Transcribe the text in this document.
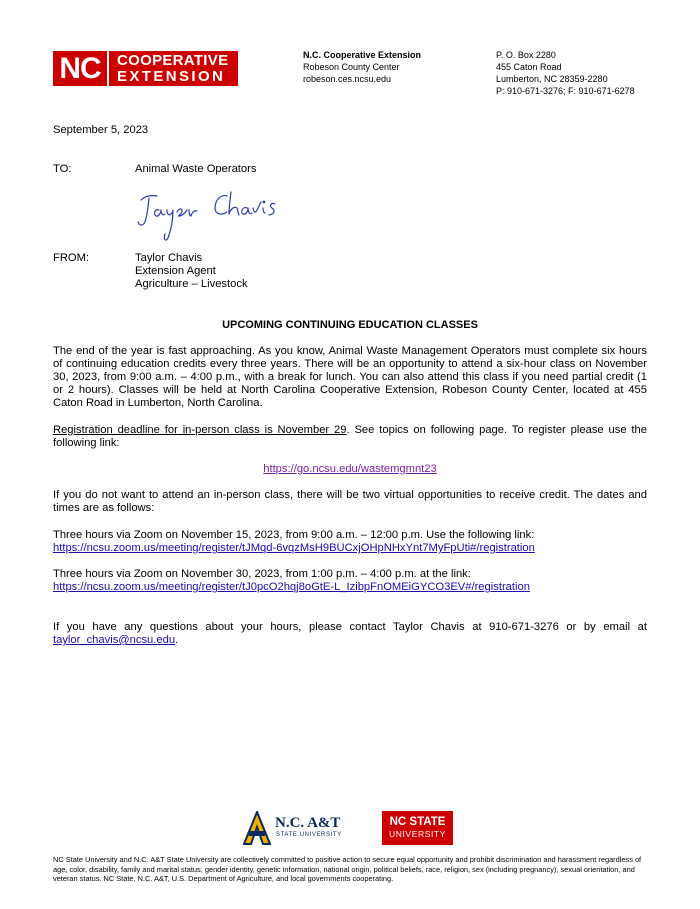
NC	COOPERATIVE
EXTENSION
N.C. Cooperative Extension
Robeson County Center
robeson.ces.ncsu.edu
P. O. Box 2280
455 Caton Road
Lumberton, NC 28359-2280
P: 910-671-3276; F: 910-671-6278
September 5, 2023
TO:	Animal Waste Operators
FROM:	Taylor Chavis
Extension Agent
Agriculture – Livestock
UPCOMING CONTINUING EDUCATION CLASSES
The end of the year is fast approaching. As you know, Animal Waste Management Operators must complete six hours of continuing education credits every three years. There will be an opportunity to attend a six-hour class on November 30, 2023, from 9:00 a.m. – 4:00 p.m., with a break for lunch. You can also attend this class if you need partial credit (1 or 2 hours). Classes will be held at North Carolina Cooperative Extension, Robeson County Center, located at 455 Caton Road in Lumberton, North Carolina.
Registration deadline for in-person class is November 29. See topics on following page. To register please use the following link:
https://go.ncsu.edu/wastemgmnt23
If you do not want to attend an in-person class, there will be two virtual opportunities to receive credit. The dates and times are as follows:
Three hours via Zoom on November 15, 2023, from 9:00 a.m. – 12:00 p.m. Use the following link:
https://ncsu.zoom.us/meeting/register/tJMqd-6vqzMsH9BUCxjOHpNHxYnt7MyFpUti#/registration
Three hours via Zoom on November 30, 2023, from 1:00 p.m. – 4:00 p.m. at the link:
https://ncsu.zoom.us/meeting/register/tJ0pcO2hqj8oGtE-L_IzibpFnOMEiGYCO3EV#/registration
If you have any questions about your hours, please contact Taylor Chavis at 910-671-3276 or by email at taylor_chavis@ncsu.edu.
N.C. A&T
STATE UNIVERSITY
NC STATE
UNIVERSITY
NC State University and N.C. A&T State University are collectively committed to positive action to secure equal opportunity and prohibit discrimination and harassment regardless of age, color, disability, family and marital status, gender identity, genetic information, national origin, political beliefs, race, religion, sex (including pregnancy), sexual orientation, and veteran status. NC State, N.C. A&T, U.S. Department of Agriculture, and local governments cooperating.
